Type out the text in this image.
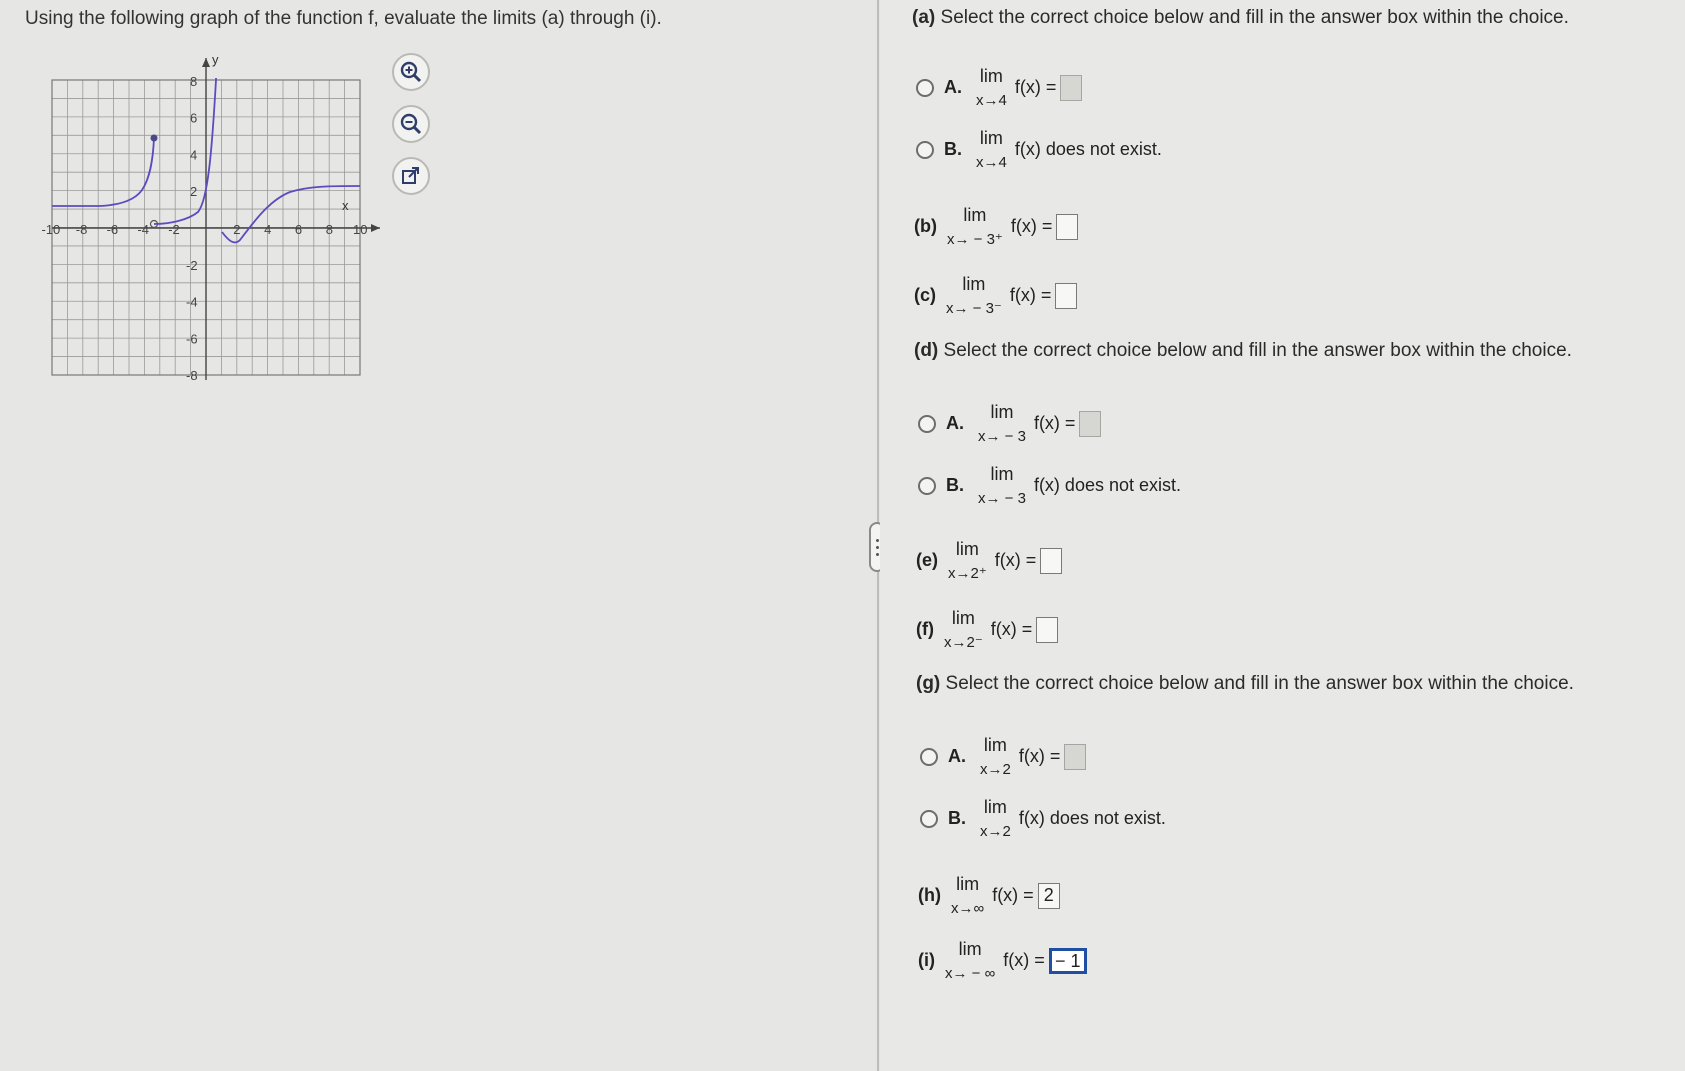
Using the following graph of the function f, evaluate the limits (a) through (i).
x
y
-10 -8 -6 -4 -2	2 4 6 8 10
8
6
4
2
-2
-4
-6
-8
(a) Select the correct choice below and fill in the answer box within the choice.
A.
lim
x→4
f(x) =
B.
lim
x→4
f(x) does not exist.
(b)
lim
x→ − 3⁺
f(x) =
(c)
lim
x→ − 3⁻
f(x) =
(d) Select the correct choice below and fill in the answer box within the choice.
A.
lim
x→ − 3
f(x) =
B.
lim
x→ − 3
f(x) does not exist.
(e)
lim
x→2⁺
f(x) =
(f)
lim
x→2⁻
f(x) =
(g) Select the correct choice below and fill in the answer box within the choice.
A.
lim
x→2
f(x) =
B.
lim
x→2
f(x) does not exist.
(h)
lim
x→∞
f(x) = 2
(i)
lim
x→ − ∞
f(x) = − 1
